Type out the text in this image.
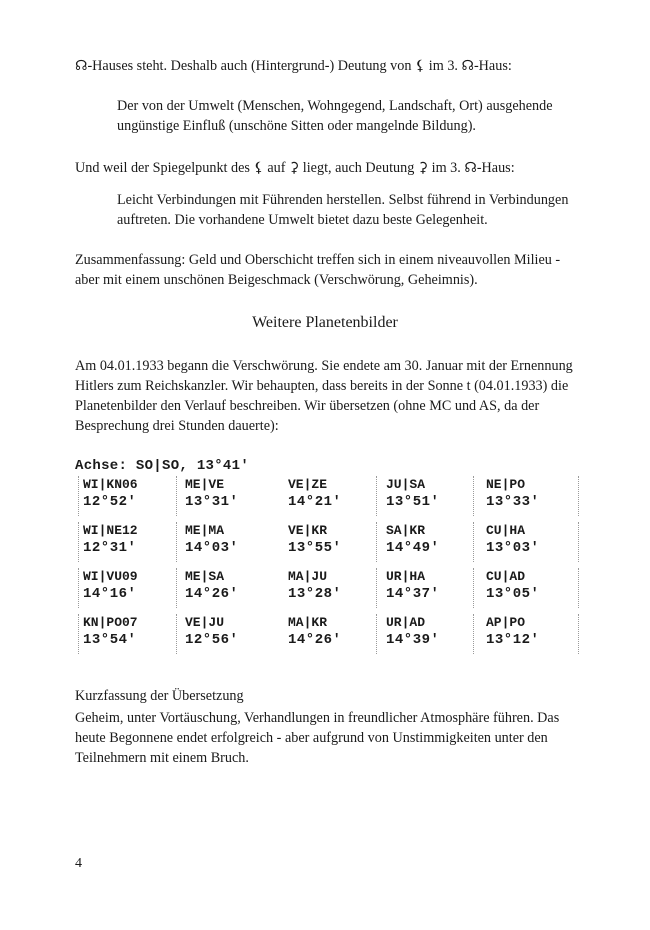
☊-Hauses steht. Deshalb auch (Hintergrund-) Deutung von ⚸ im 3. ☊-Haus:

Der von der Umwelt (Menschen, Wohngegend, Landschaft, Ort) ausgehende ungünstige Einfluß (unschöne Sitten oder mangelnde Bildung).

Und weil der Spiegelpunkt des ⚸ auf ⚳ liegt, auch Deutung ⚳ im 3. ☊-Haus:

Leicht Verbindungen mit Führenden herstellen. Selbst führend in Verbindungen auftreten. Die vorhandene Umwelt bietet dazu beste Gelegenheit.

Zusammenfassung: Geld und Oberschicht treffen sich in einem niveauvollen Milieu - aber mit einem unschönen Beigeschmack (Verschwörung, Geheimnis).

Weitere Planetenbilder

Am 04.01.1933 begann die Verschwörung. Sie endete am 30. Januar mit der Ernennung Hitlers zum Reichskanzler. Wir behaupten, dass bereits in der Sonne t (04.01.1933) die Planetenbilder den Verlauf beschreiben. Wir übersetzen (ohne MC und AS, da der Besprechung drei Stunden dauerte):

Achse: SO|SO, 13°41'
WI|KN06
12°52'
ME|VE
13°31'
VE|ZE
14°21'
JU|SA
13°51'
NE|PO
13°33'
WI|NE12
12°31'
ME|MA
14°03'
VE|KR
13°55'
SA|KR
14°49'
CU|HA
13°03'
WI|VU09
14°16'
ME|SA
14°26'
MA|JU
13°28'
UR|HA
14°37'
CU|AD
13°05'
KN|PO07
13°54'
VE|JU
12°56'
MA|KR
14°26'
UR|AD
14°39'
AP|PO
13°12'

Kurzfassung der Übersetzung

Geheim, unter Vortäuschung, Verhandlungen in freundlicher Atmosphäre führen. Das heute Begonnene endet erfolgreich - aber aufgrund von Unstimmigkeiten unter den Teilnehmern mit einem Bruch.

4
